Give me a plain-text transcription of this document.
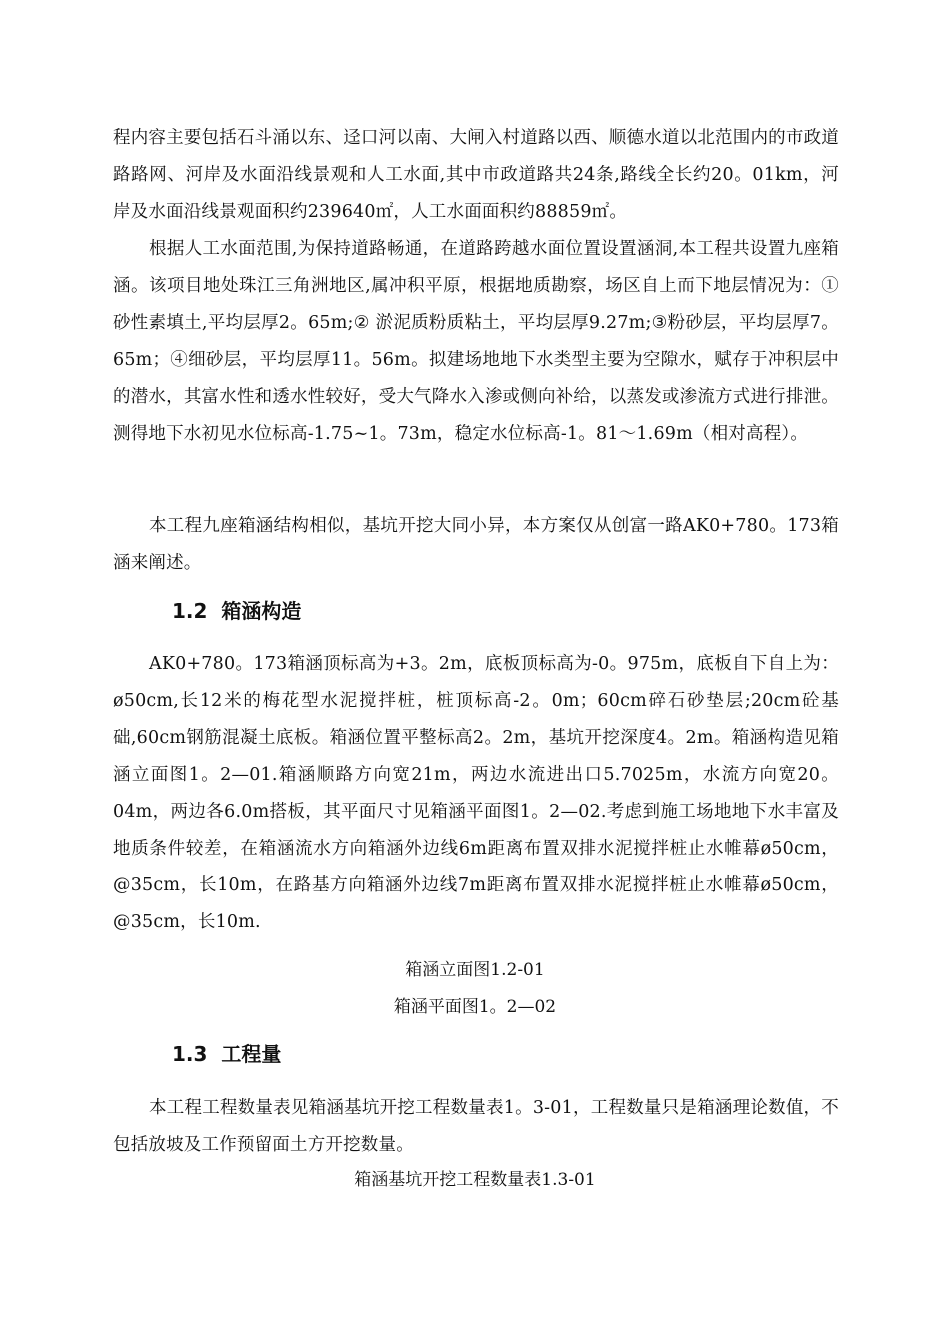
程内容主要包括石斗涌以东、迳口河以南、大闸入村道路以西、顺德水道以北范围内的市政道路路网、河岸及水面沿线景观和人工水面,其中市政道路共24条,路线全长约20。01km，河岸及水面沿线景观面积约239640㎡，人工水面面积约88859㎡。

根据人工水面范围,为保持道路畅通，在道路跨越水面位置设置涵洞,本工程共设置九座箱涵。该项目地处珠江三角洲地区,属冲积平原，根据地质勘察，场区自上而下地层情况为：①砂性素填土,平均层厚2。65m;② 淤泥质粉质粘土，平均层厚9.27m;③粉砂层，平均层厚7。65m；④细砂层，平均层厚11。56m。拟建场地地下水类型主要为空隙水，赋存于冲积层中的潜水，其富水性和透水性较好，受大气降水入渗或侧向补给，以蒸发或渗流方式进行排泄。测得地下水初见水位标高-1.75~1。73m，稳定水位标高-1。81～1.69m（相对高程）。

本工程九座箱涵结构相似，基坑开挖大同小异，本方案仅从创富一路AK0+780。173箱涵来阐述。

1.2 箱涵构造

AK0+780。173箱涵顶标高为+3。2m，底板顶标高为-0。975m，底板自下自上为：ø50cm,长12米的梅花型水泥搅拌桩，桩顶标高-2。0m；60cm碎石砂垫层;20cm砼基础,60cm钢筋混凝土底板。箱涵位置平整标高2。2m，基坑开挖深度4。2m。箱涵构造见箱涵立面图1。2—01.箱涵顺路方向宽21m，两边水流进出口5.7025m，水流方向宽20。04m，两边各6.0m搭板，其平面尺寸见箱涵平面图1。2—02.考虑到施工场地地下水丰富及地质条件较差，在箱涵流水方向箱涵外边线6m距离布置双排水泥搅拌桩止水帷幕ø50cm，@35cm，长10m，在路基方向箱涵外边线7m距离布置双排水泥搅拌桩止水帷幕ø50cm，@35cm，长10m.

箱涵立面图1.2-01

箱涵平面图1。2—02

1.3 工程量

本工程工程数量表见箱涵基坑开挖工程数量表1。3-01，工程数量只是箱涵理论数值，不包括放坡及工作预留面土方开挖数量。

箱涵基坑开挖工程数量表1.3-01
